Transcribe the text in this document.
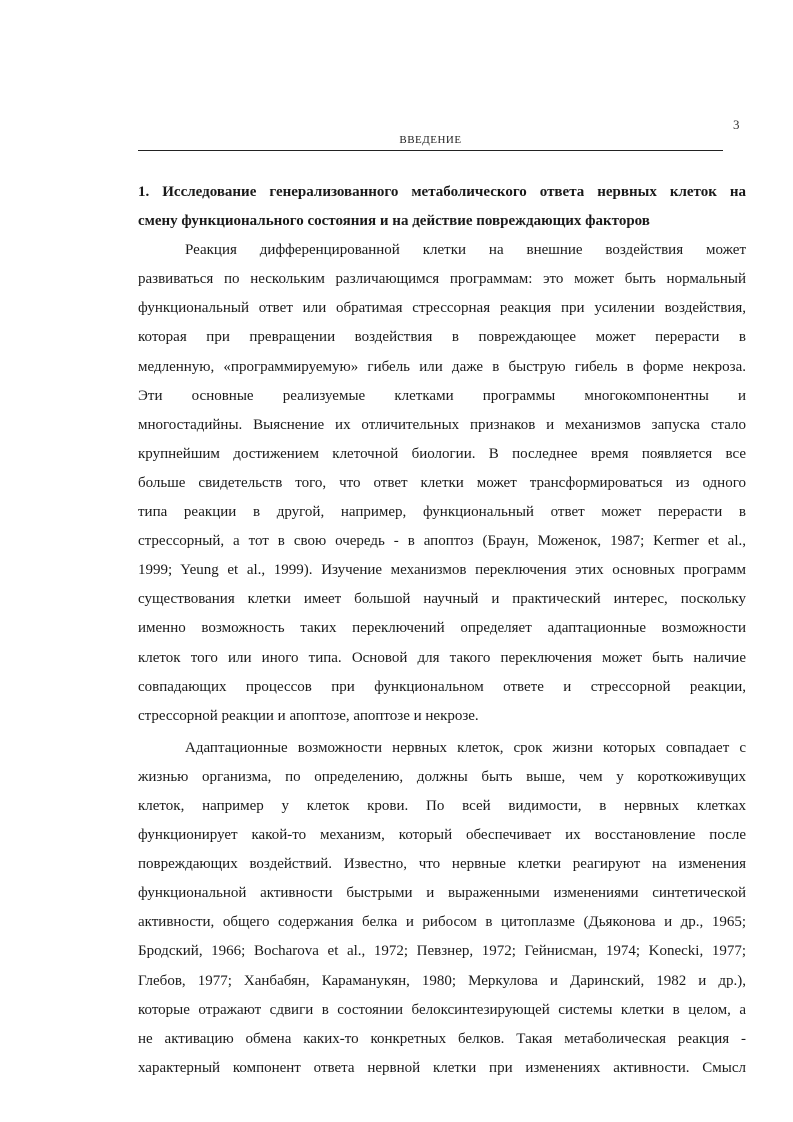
3
ВВЕДЕНИЕ
1. Исследование генерализованного метаболического ответа нервных клеток на
смену функционального состояния и на действие повреждающих факторов
Реакция дифференцированной клетки на внешние воздействия может
развиваться по нескольким различающимся программам: это может быть нормальный
функциональный ответ или обратимая стрессорная реакция при усилении воздействия,
которая при превращении воздействия в повреждающее может перерасти в
медленную, «программируемую» гибель или даже в быструю гибель в форме некроза.
Эти основные реализуемые клетками программы многокомпонентны и
многостадийны. Выяснение их отличительных признаков и механизмов запуска стало
крупнейшим достижением клеточной биологии. В последнее время появляется все
больше свидетельств того, что ответ клетки может трансформироваться из одного
типа реакции в другой, например, функциональный ответ может перерасти в
стрессорный, а тот в свою очередь - в апоптоз (Браун, Моженок, 1987; Kermer et al.,
1999; Yeung et al., 1999). Изучение механизмов переключения этих основных программ
существования клетки имеет большой научный и практический интерес, поскольку
именно возможность таких переключений определяет адаптационные возможности
клеток того или иного типа. Основой для такого переключения может быть наличие
совпадающих процессов при функциональном ответе и стрессорной реакции,
стрессорной реакции и апоптозе, апоптозе и некрозе.
Адаптационные возможности нервных клеток, срок жизни которых совпадает с
жизнью организма, по определению, должны быть выше, чем у короткоживущих
клеток, например у клеток крови. По всей видимости, в нервных клетках
функционирует какой-то механизм, который обеспечивает их восстановление после
повреждающих воздействий. Известно, что нервные клетки реагируют на изменения
функциональной активности быстрыми и выраженными изменениями синтетической
активности, общего содержания белка и рибосом в цитоплазме (Дьяконова и др., 1965;
Бродский, 1966; Bocharova et al., 1972; Певзнер, 1972; Гейнисман, 1974; Konecki, 1977;
Глебов, 1977; Ханбабян, Караманукян, 1980; Меркулова и Даринский, 1982 и др.),
которые отражают сдвиги в состоянии белоксинтезирующей системы клетки в целом, а
не активацию обмена каких-то конкретных белков. Такая метаболическая реакция -
характерный компонент ответа нервной клетки при изменениях активности. Смысл
